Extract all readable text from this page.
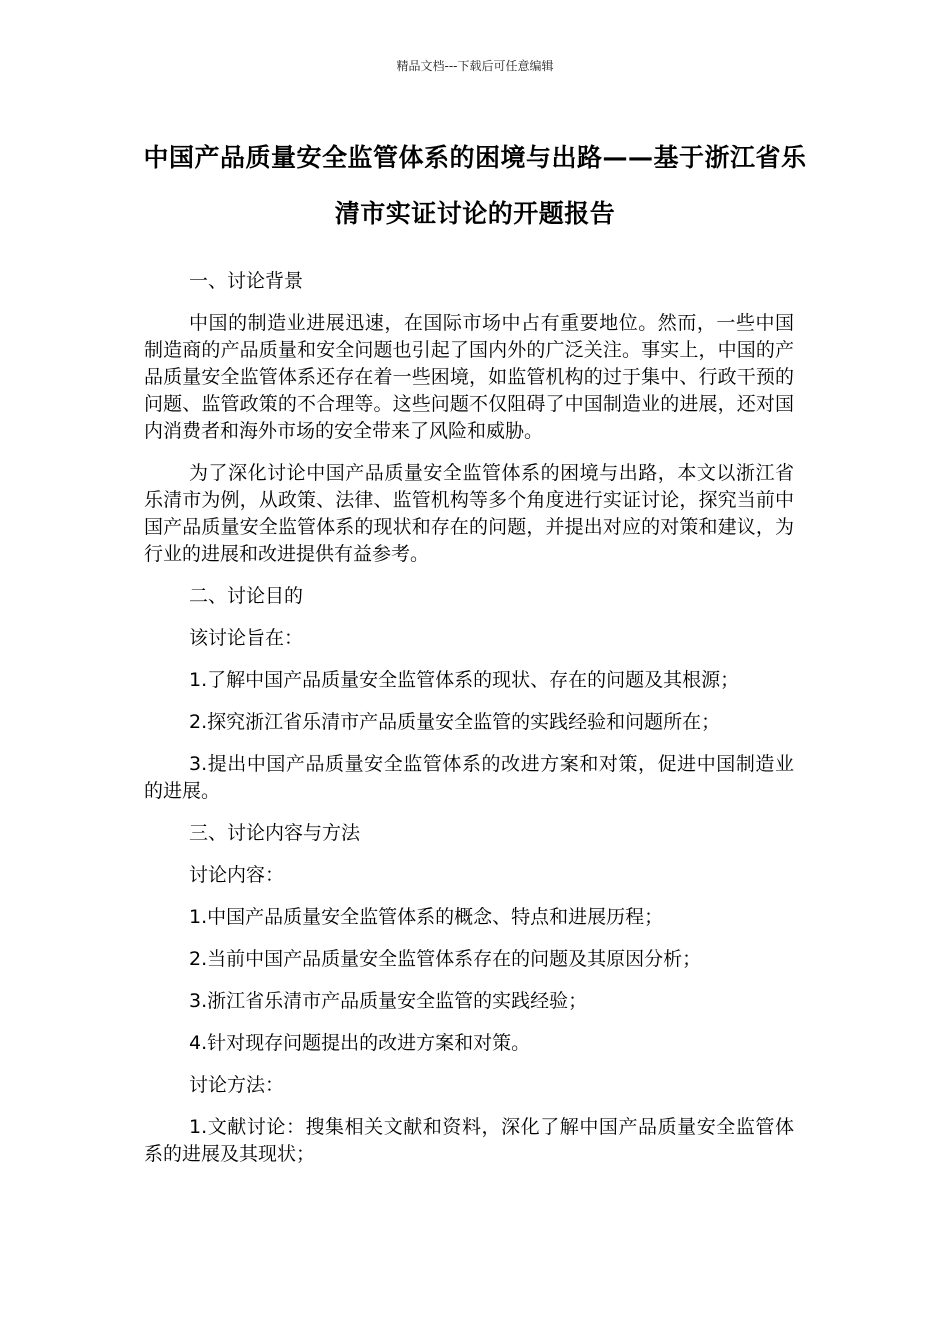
精品文档---下载后可任意编辑
中国产品质量安全监管体系的困境与出路——基于浙江省乐清市实证讨论的开题报告

一、讨论背景

中国的制造业进展迅速，在国际市场中占有重要地位。然而，一些中国制造商的产品质量和安全问题也引起了国内外的广泛关注。事实上，中国的产品质量安全监管体系还存在着一些困境，如监管机构的过于集中、行政干预的问题、监管政策的不合理等。这些问题不仅阻碍了中国制造业的进展，还对国内消费者和海外市场的安全带来了风险和威胁。

为了深化讨论中国产品质量安全监管体系的困境与出路，本文以浙江省乐清市为例，从政策、法律、监管机构等多个角度进行实证讨论，探究当前中国产品质量安全监管体系的现状和存在的问题，并提出对应的对策和建议，为行业的进展和改进提供有益参考。

二、讨论目的

该讨论旨在：

1.了解中国产品质量安全监管体系的现状、存在的问题及其根源；

2.探究浙江省乐清市产品质量安全监管的实践经验和问题所在；

3.提出中国产品质量安全监管体系的改进方案和对策，促进中国制造业的进展。

三、讨论内容与方法

讨论内容：

1.中国产品质量安全监管体系的概念、特点和进展历程；

2.当前中国产品质量安全监管体系存在的问题及其原因分析；

3.浙江省乐清市产品质量安全监管的实践经验；

4.针对现存问题提出的改进方案和对策。

讨论方法：

1.文献讨论：搜集相关文献和资料，深化了解中国产品质量安全监管体系的进展及其现状；
